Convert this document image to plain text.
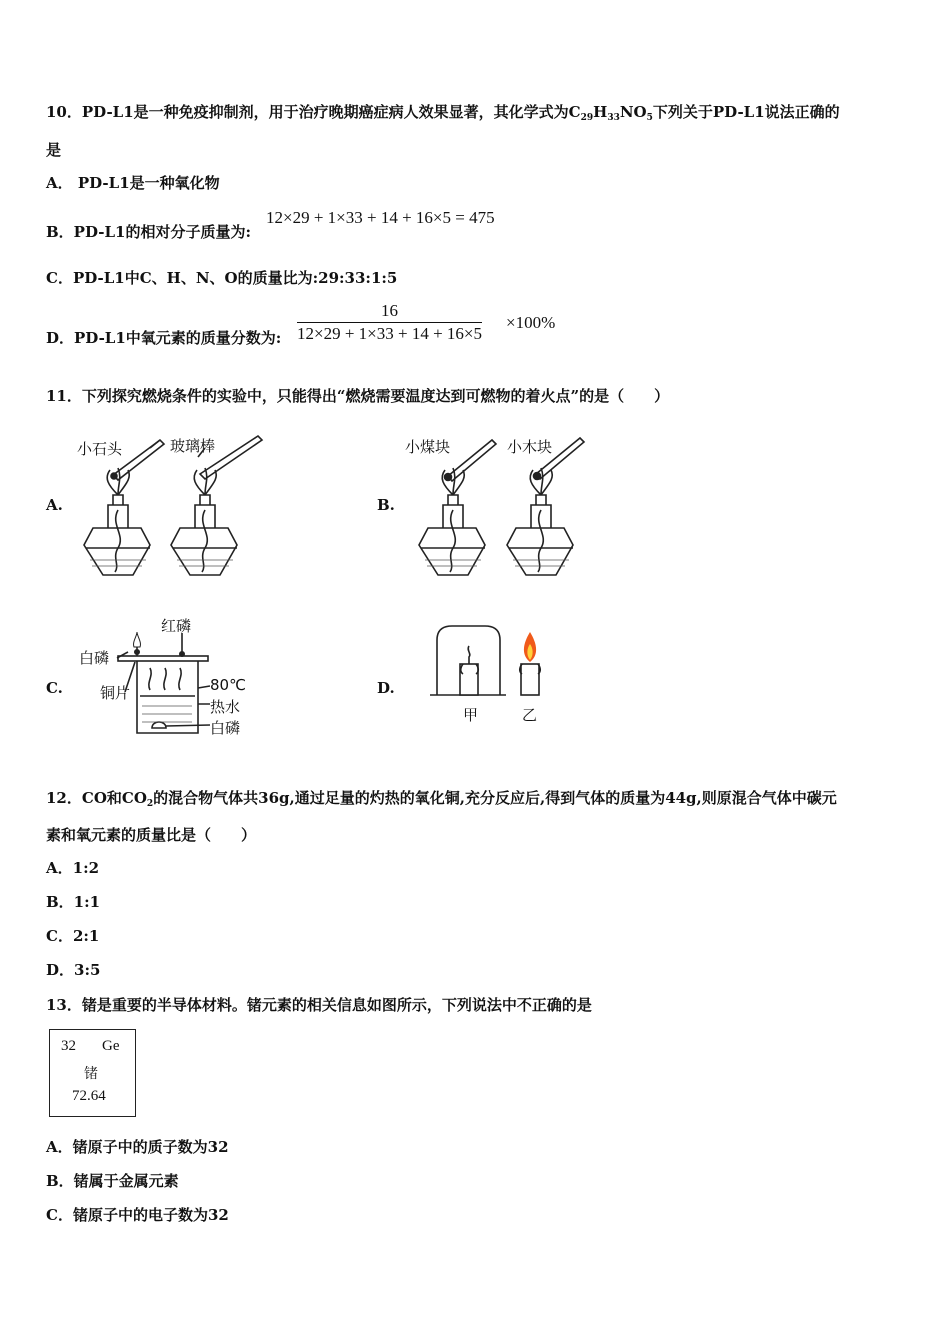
10．PD-L1是一种免疫抑制剂，用于治疗晚期癌症病人效果显著，其化学式为$C_{29}H_{33}NO_5$下列关于PD-L1说法正确的
是
A． PD-L1是一种氧化物
B．PD-L1的相对分子质量为:
12×29 + 1×33 + 14 + 16×5 = 475
C．PD-L1中C、H、N、O的质量比为:29:33:1:5
D．PD-L1中氧元素的质量分数为: $\frac{16}{12\times 29 + 1\times 33 + 14 + 16\times 5} \times 100\%$
11．下列探究燃烧条件的实验中，只能得出“燃烧需要温度达到可燃物的着火点”的是（　　）
A.	B.
C.	D.
小石头	玻璃棒	小煤块	小木块
红磷
白磷
铜片	80℃
热水
白磷
甲	乙
12．CO和$CO_2$的混合物气体共36g,通过足量的灼热的氧化铜,充分反应后,得到气体的质量为44g,则原混合气体中碳元
素和氧元素的质量比是（　　）
A．1:2
B．1:1
C．2:1
D．3:5
13．锗是重要的半导体材料。锗元素的相关信息如图所示，下列说法中不正确的是
32 Ge
锗
72.64
A．锗原子中的质子数为32
B．锗属于金属元素
C．锗原子中的电子数为32
